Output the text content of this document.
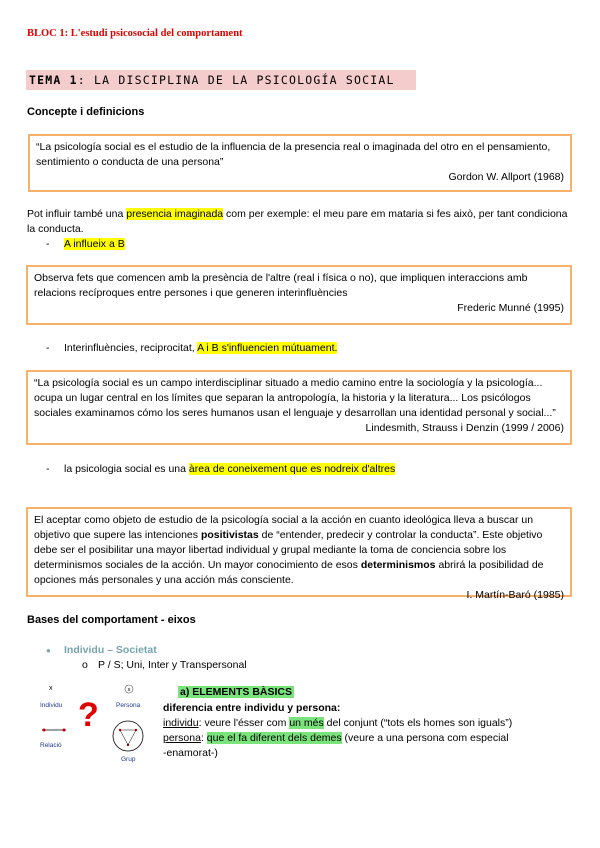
BLOC 1: L'estudi psicosocial del comportament
TEMA 1: LA DISCIPLINA DE LA PSICOLOGÍA SOCIAL
Concepte i definicions
“La psicología social es el estudio de la influencia de la presencia real o imaginada del otro en el pensamiento, sentimiento o conducta de una persona”
Gordon W. Allport (1968)
Pot influir també una presencia imaginada com per exemple: el meu pare em mataria si fes això, per tant condiciona la conducta.
- A influeix a B
Observa fets que comencen amb la presència de l'altre (real i física o no), que impliquen interaccions amb relacions recíproques entre persones i que generen interinfluències
Frederic Munné (1995)
- Interinfluències, reciprocitat, A i B s'influencien mútuament.
“La psicología social es un campo interdisciplinar situado a medio camino entre la sociología y la psicología... ocupa un lugar central en los límites que separan la antropología, la historia y la literatura... Los psicólogos sociales examinamos cómo los seres humanos usan el lenguaje y desarrollan una identidad personal y social...”
Lindesmith, Strauss i Denzin (1999 / 2006)
- la psicologia social es una àrea de coneixement que es nodreix d'altres
El aceptar como objeto de estudio de la psicología social a la acción en cuanto ideológica lleva a buscar un objetivo que supere las intenciones positivistas de “entender, predecir y controlar la conducta”. Este objetivo debe ser el posibilitar una mayor libertad individual y grupal mediante la toma de conciencia sobre los determinismos sociales de la acción. Un mayor conocimiento de esos determinismos abrirá la posibilidad de opciones más personales y una acción más consciente.
I. Martín-Baró (1985)
Bases del comportament - eixos
● Individu – Societat
o P / S; Uni, Inter y Transpersonal
x
Individu
Relació
?
x
Persona
Grup
a) ELEMENTS BÀSICS
diferencia entre individu y persona:
individu: veure l'ésser com un més del conjunt (“tots els homes son iguals”)
persona: que el fa diferent dels demes (veure a una persona com especial
-enamorat-)
